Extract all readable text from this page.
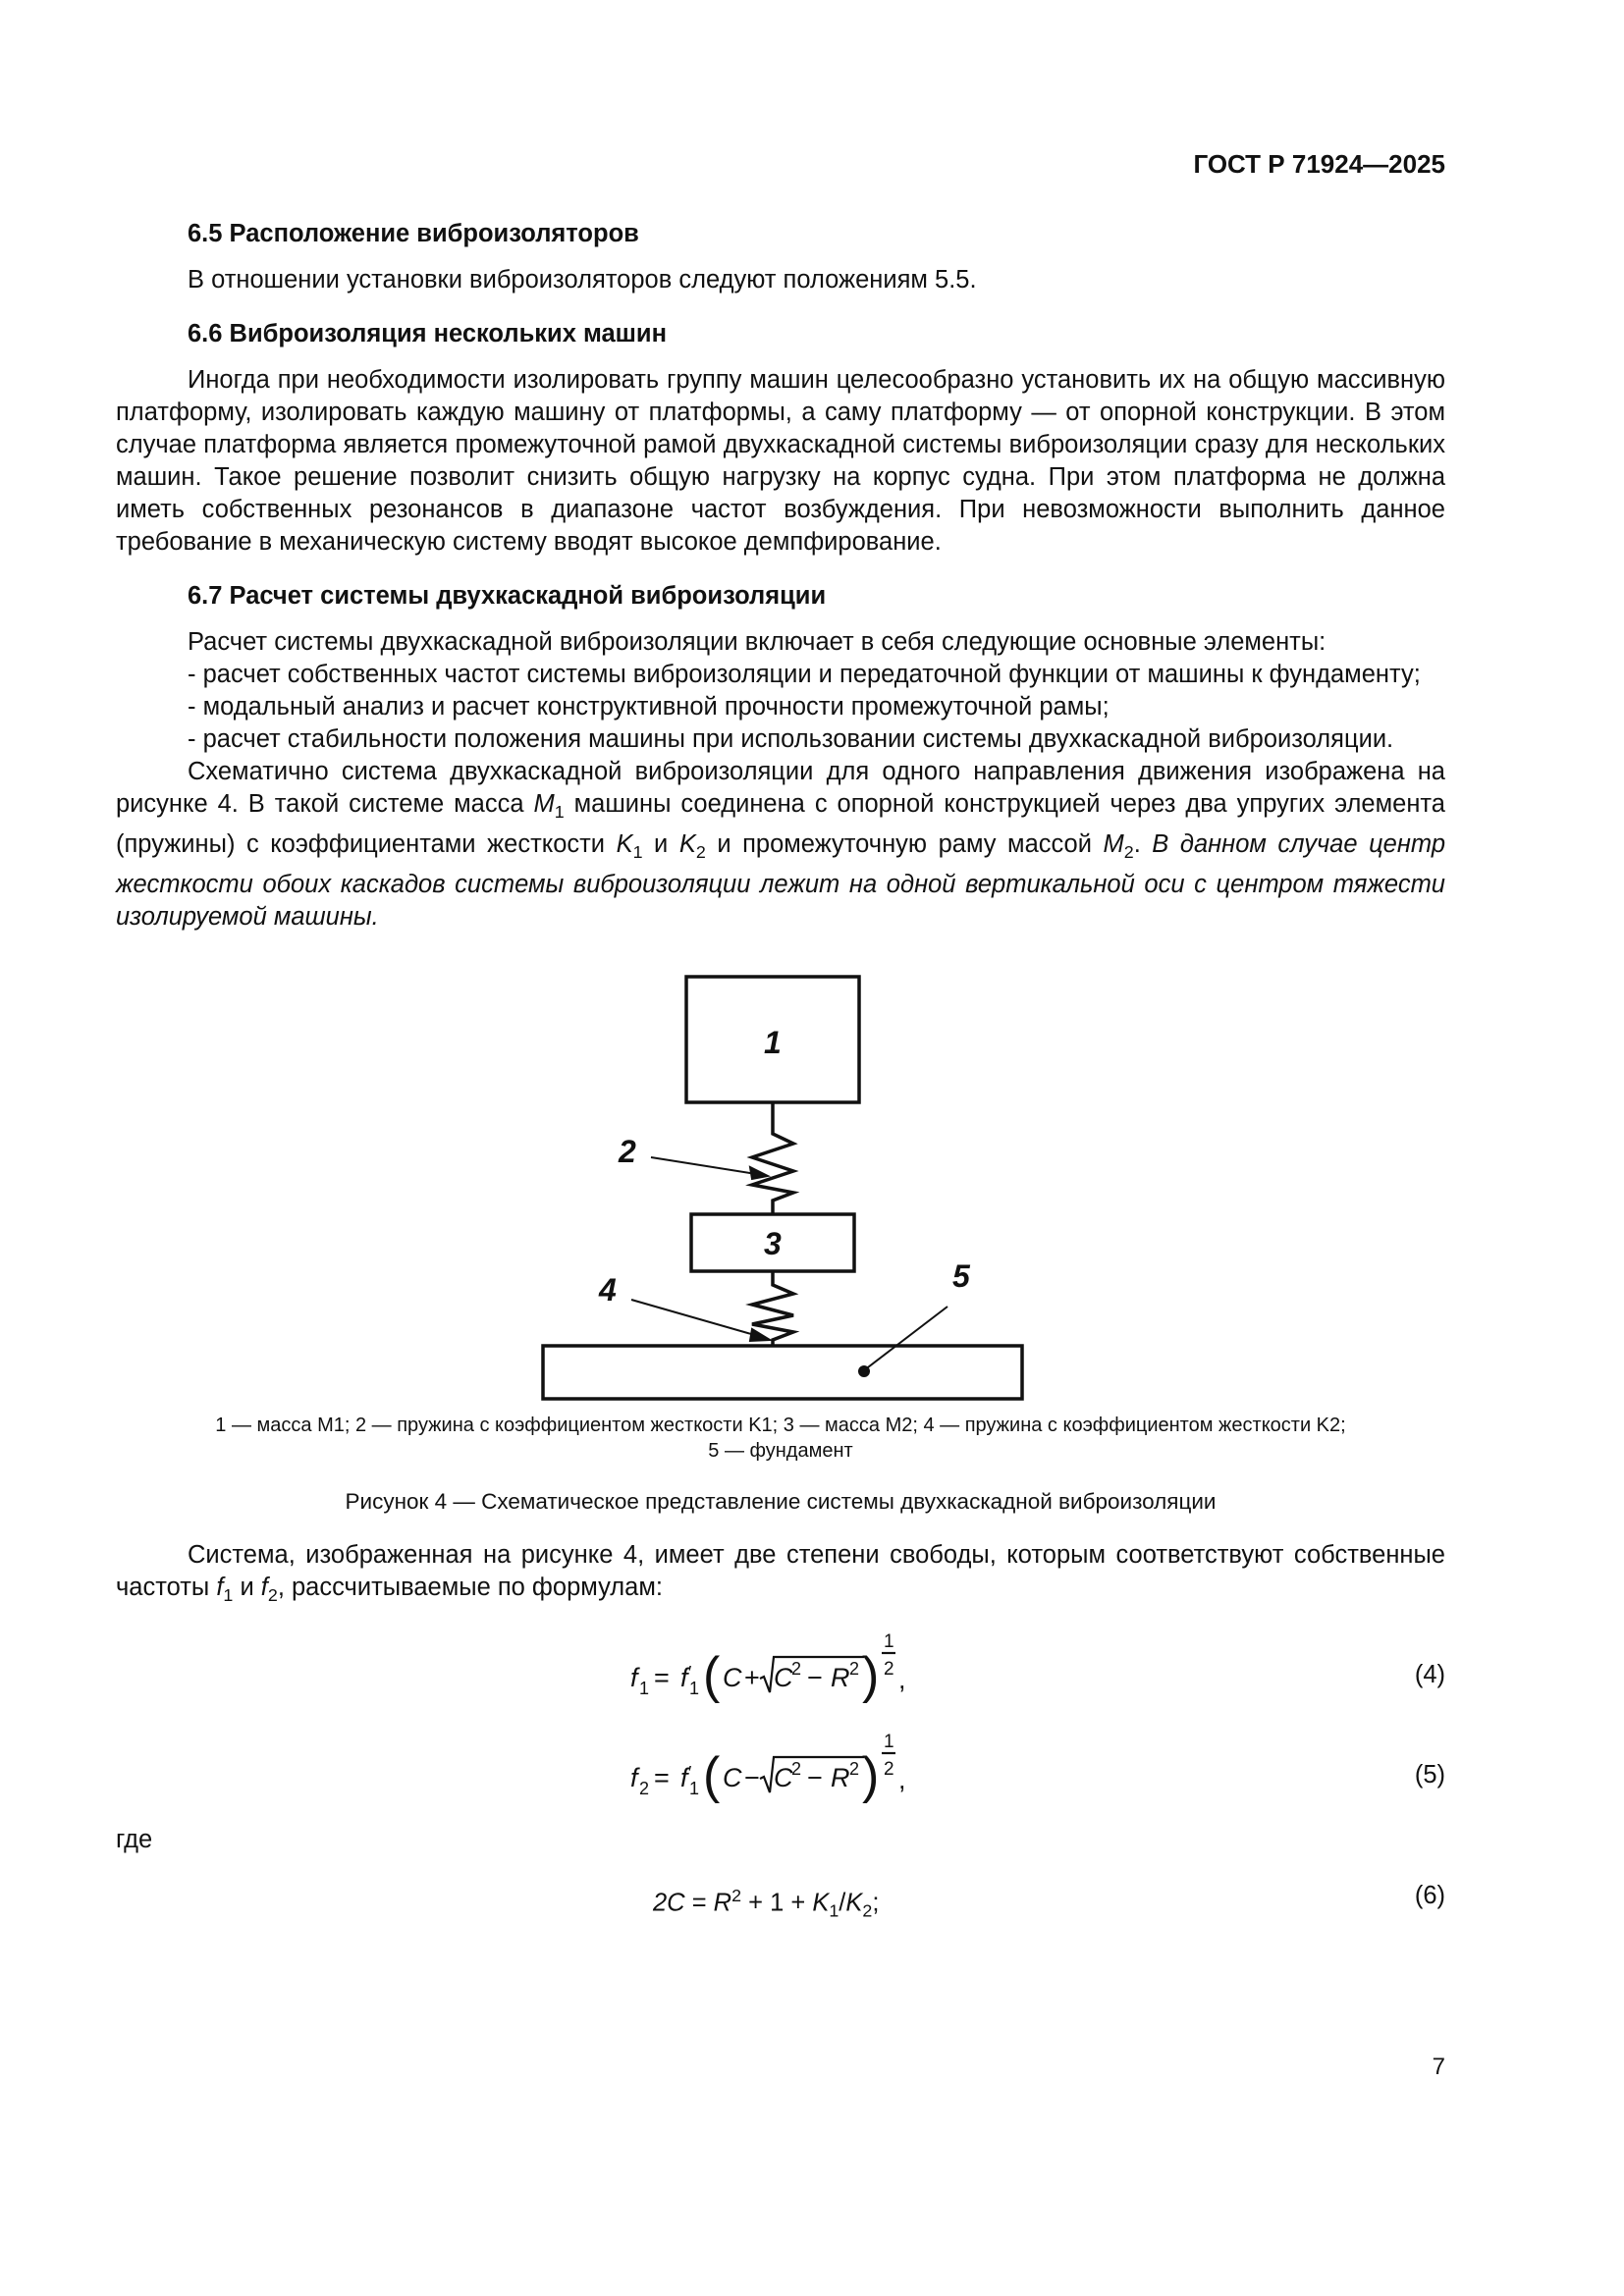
ГОСТ Р 71924—2025
6.5 Расположение виброизоляторов

В отношении установки виброизоляторов следуют положениям 5.5.

6.6 Виброизоляция нескольких машин

Иногда при необходимости изолировать группу машин целесообразно установить их на общую массивную платформу, изолировать каждую машину от платформы, а саму платформу — от опорной конструкции. В этом случае платформа является промежуточной рамой двухкаскадной системы виброизоляции сразу для нескольких машин. Такое решение позволит снизить общую нагрузку на корпус судна. При этом платформа не должна иметь собственных резонансов в диапазоне частот возбуждения. При невозможности выполнить данное требование в механическую систему вводят высокое демпфирование.

6.7 Расчет системы двухкаскадной виброизоляции

Расчет системы двухкаскадной виброизоляции включает в себя следующие основные элементы:

- расчет собственных частот системы виброизоляции и передаточной функции от машины к фундаменту;

- модальный анализ и расчет конструктивной прочности промежуточной рамы;

- расчет стабильности положения машины при использовании системы двухкаскадной виброизоляции.

Схематично система двухкаскадной виброизоляции для одного направления движения изображена на рисунке 4. В такой системе масса $M_1$ машины соединена с опорной конструкцией через два упругих элемента (пружины) с коэффициентами жесткости $K_1$ и $K_2$ и промежуточную раму массой $M_2$. В данном случае центр жесткости обоих каскадов системы виброизоляции лежит на одной вертикальной оси с центром тяжести изолируемой машины.

1
2
3
4	5
1 — масса M1; 2 — пружина с коэффициентом жесткости K1; 3 — масса M2; 4 — пружина с коэффициентом жесткости K2;
5 — фундамент
Рисунок 4 — Схематическое представление системы двухкаскадной виброизоляции

Система, изображенная на рисунке 4, имеет две степени свободы, которым соответствуют собственные частоты $f_1$ и $f_2$, рассчитываемые по формулам:

f 1 = f ′
1 ( C + C
2 − R 2 )
1
2 ,	(4)
f 2 = f ′
1 ( C − C
2 − R 2 )
1
2 ,	(5)
где
$2C = R^2 + 1 + K_1/K_2$;	(6)
7
